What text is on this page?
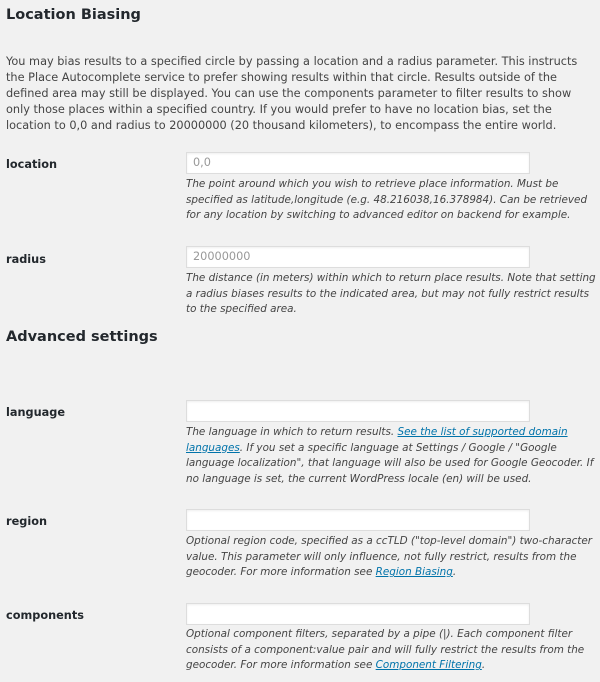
Location Biasing

You may bias results to a specified circle by passing a location and a radius parameter. This instructs the Place Autocomplete service to prefer showing results within that circle. Results outside of the defined area may still be displayed. You can use the components parameter to filter results to show only those places within a specified country. If you would prefer to have no location bias, set the location to 0,0 and radius to 20000000 (20 thousand kilometers), to encompass the entire world.

location
0,0

The point around which you wish to retrieve place information. Must be specified as latitude,longitude (e.g. 48.216038,16.378984). Can be retrieved for any location by switching to advanced editor on backend for example.

radius
20000000

The distance (in meters) within which to return place results. Note that setting a radius biases results to the indicated area, but may not fully restrict results to the specified area.

Advanced settings
language

The language in which to return results. See the list of supported domain languages. If you set a specific language at Settings / Google / "Google language localization", that language will also be used for Google Geocoder. If no language is set, the current WordPress locale (en) will be used.

region

Optional region code, specified as a ccTLD ("top-level domain") two-character value. This parameter will only influence, not fully restrict, results from the geocoder. For more information see Region Biasing.

components

Optional component filters, separated by a pipe (|). Each component filter consists of a component:value pair and will fully restrict the results from the geocoder. For more information see Component Filtering.
